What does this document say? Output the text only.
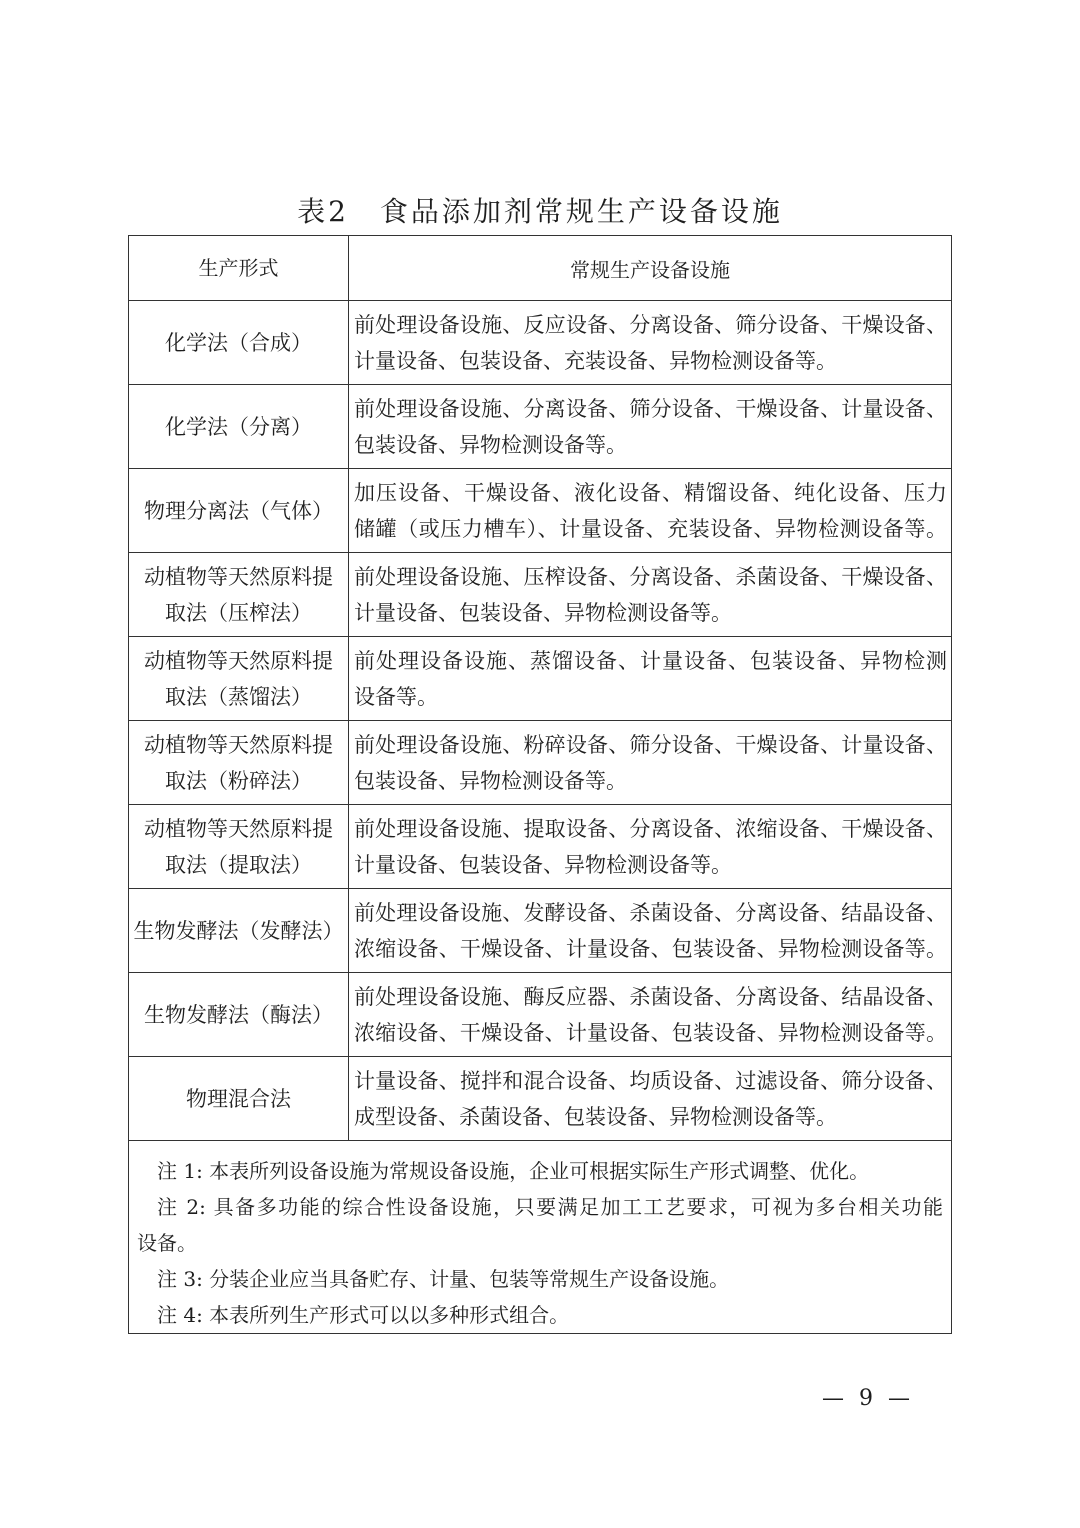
表2　食品添加剂常规生产设备设施
生产形式	常规生产设备设施

化学法（合成）	前处理设备设施、反应设备、分离设备、筛分设备、干燥设备、
计量设备、包装设备、充装设备、异物检测设备等。

化学法（分离）	前处理设备设施、分离设备、筛分设备、干燥设备、计量设备、
包装设备、异物检测设备等。

物理分离法（气体）	加压设备、干燥设备、液化设备、精馏设备、纯化设备、压力
储罐（或压力槽车）、计量设备、充装设备、异物检测设备等。

动植物等天然原料提
取法（压榨法）	前处理设备设施、压榨设备、分离设备、杀菌设备、干燥设备、
计量设备、包装设备、异物检测设备等。

动植物等天然原料提
取法（蒸馏法）	前处理设备设施、蒸馏设备、计量设备、包装设备、异物检测
设备等。

动植物等天然原料提
取法（粉碎法）	前处理设备设施、粉碎设备、筛分设备、干燥设备、计量设备、
包装设备、异物检测设备等。

动植物等天然原料提
取法（提取法）	前处理设备设施、提取设备、分离设备、浓缩设备、干燥设备、
计量设备、包装设备、异物检测设备等。

生物发酵法（发酵法）	前处理设备设施、发酵设备、杀菌设备、分离设备、结晶设备、
浓缩设备、干燥设备、计量设备、包装设备、异物检测设备等。

生物发酵法（酶法）	前处理设备设施、酶反应器、杀菌设备、分离设备、结晶设备、
浓缩设备、干燥设备、计量设备、包装设备、异物检测设备等。

物理混合法	计量设备、搅拌和混合设备、均质设备、过滤设备、筛分设备、
成型设备、杀菌设备、包装设备、异物检测设备等。

注 1: 本表所列设备设施为常规设备设施，企业可根据实际生产形式调整、优化。
注 2: 具备多功能的综合性设备设施，只要满足加工工艺要求，可视为多台相关功能
设备。
注 3: 分装企业应当具备贮存、计量、包装等常规生产设备设施。
注 4: 本表所列生产形式可以以多种形式组合。	
— 9 —
